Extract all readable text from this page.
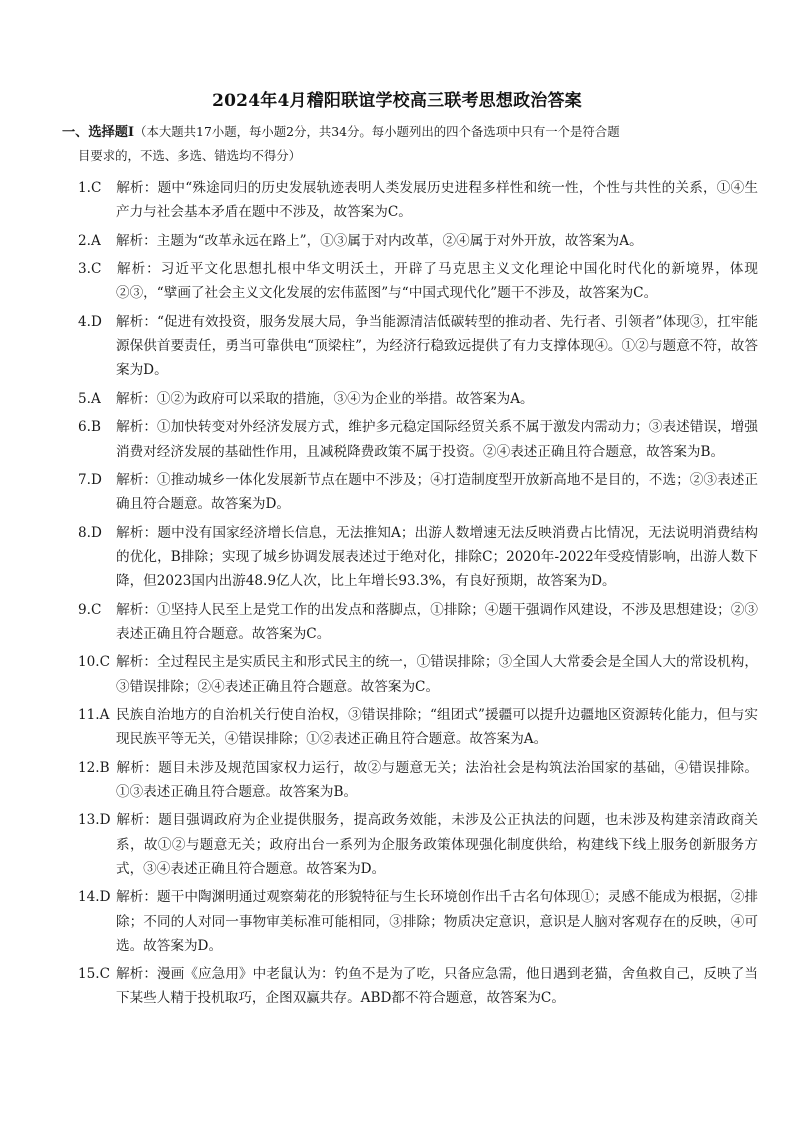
2024年4月稽阳联谊学校高三联考思想政治答案
一、选择题Ⅰ（本大题共17小题，每小题2分，共34分。每小题列出的四个备选项中只有一个是符合题
目要求的，不选、多选、错选均不得分）
1.C 解析：题中“殊途同归的历史发展轨迹表明人类发展历史进程多样性和统一性，个性与共性的关系，①④生产力与社会基本矛盾在题中不涉及，故答案为C。
2.A 解析：主题为“改革永远在路上”，①③属于对内改革，②④属于对外开放，故答案为A。
3.C 解析：习近平文化思想扎根中华文明沃土，开辟了马克思主义文化理论中国化时代化的新境界，体现②③，“擘画了社会主义文化发展的宏伟蓝图”与“中国式现代化”题干不涉及，故答案为C。
4.D 解析：“促进有效投资，服务发展大局，争当能源清洁低碳转型的推动者、先行者、引领者”体现③，扛牢能源保供首要责任，勇当可靠供电“顶梁柱”，为经济行稳致远提供了有力支撑体现④。①②与题意不符，故答案为D。
5.A 解析：①②为政府可以采取的措施，③④为企业的举措。故答案为A。
6.B 解析：①加快转变对外经济发展方式，维护多元稳定国际经贸关系不属于激发内需动力；③表述错误，增强消费对经济发展的基础性作用，且减税降费政策不属于投资。②④表述正确且符合题意，故答案为B。
7.D 解析：①推动城乡一体化发展新节点在题中不涉及；④打造制度型开放新高地不是目的，不选；②③表述正确且符合题意。故答案为D。
8.D 解析：题中没有国家经济增长信息，无法推知A；出游人数增速无法反映消费占比情况，无法说明消费结构的优化，B排除；实现了城乡协调发展表述过于绝对化，排除C；2020年-2022年受疫情影响，出游人数下降，但2023国内出游48.9亿人次，比上年增长93.3%，有良好预期，故答案为D。
9.C 解析：①坚持人民至上是党工作的出发点和落脚点，①排除；④题干强调作风建设，不涉及思想建设；②③表述正确且符合题意。故答案为C。
10.C 解析：全过程民主是实质民主和形式民主的统一，①错误排除；③全国人大常委会是全国人大的常设机构，③错误排除；②④表述正确且符合题意。故答案为C。
11.A 民族自治地方的自治机关行使自治权，③错误排除；“组团式”援疆可以提升边疆地区资源转化能力，但与实现民族平等无关，④错误排除；①②表述正确且符合题意。故答案为A。
12.B 解析：题目未涉及规范国家权力运行，故②与题意无关；法治社会是构筑法治国家的基础，④错误排除。①③表述正确且符合题意。故答案为B。
13.D 解析：题目强调政府为企业提供服务，提高政务效能，未涉及公正执法的问题，也未涉及构建亲清政商关系，故①②与题意无关；政府出台一系列为企服务政策体现强化制度供给，构建线下线上服务创新服务方式，③④表述正确且符合题意。故答案为D。
14.D 解析：题干中陶渊明通过观察菊花的形貌特征与生长环境创作出千古名句体现①；灵感不能成为根据，②排除；不同的人对同一事物审美标准可能相同，③排除；物质决定意识，意识是人脑对客观存在的反映，④可选。故答案为D。
15.C 解析：漫画《应急用》中老鼠认为：钓鱼不是为了吃，只备应急需，他日遇到老猫，舍鱼救自己，反映了当下某些人精于投机取巧，企图双赢共存。ABD都不符合题意，故答案为C。
